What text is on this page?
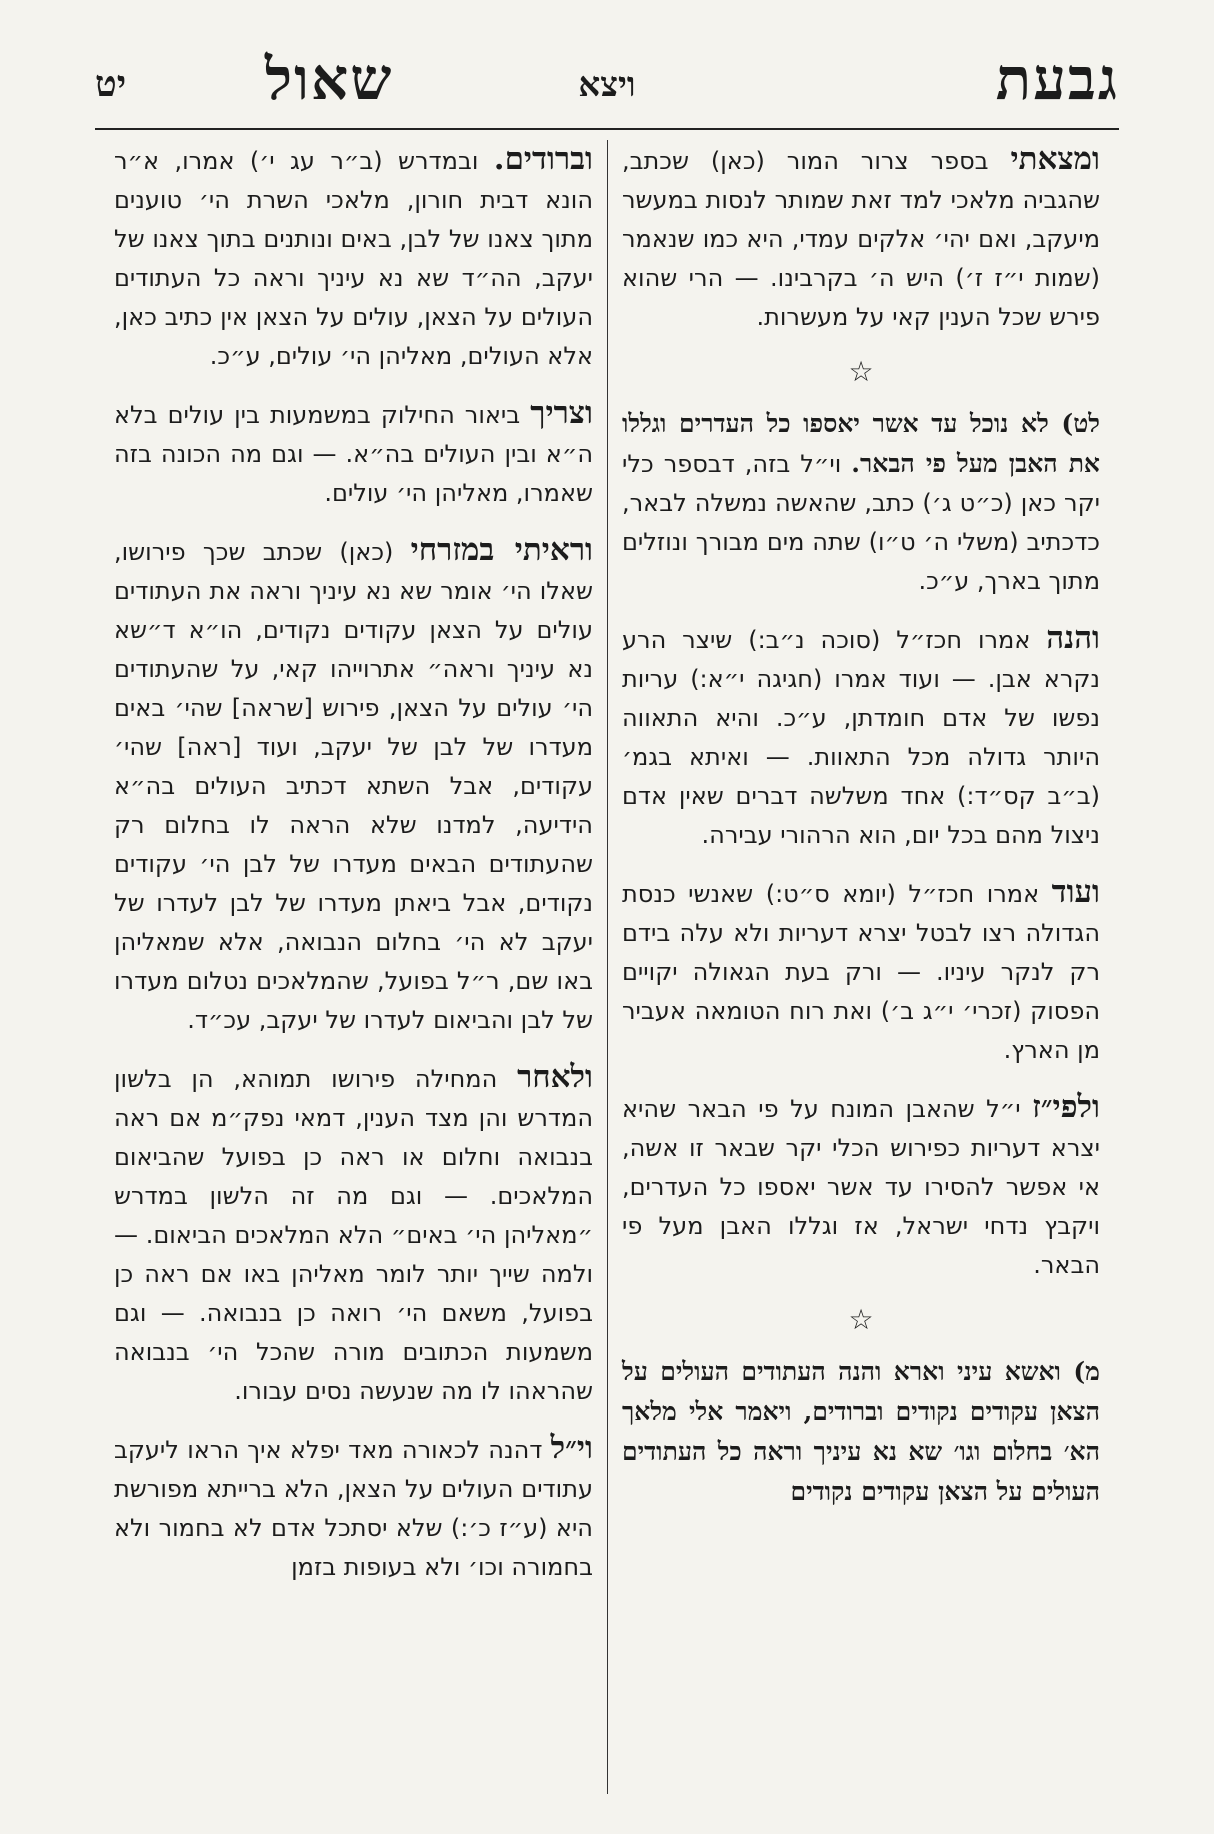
גבעת
ויצא
שאול
יט

ומצאתי בספר צרור המור (כאן) שכתב, שהגביה מלאכי למד זאת שמותר לנסות במעשר מיעקב, ואם יהי׳ אלקים עמדי, היא כמו שנאמר (שמות י״ז ז׳) היש ה׳ בקרבינו. — הרי שהוא פירש שכל הענין קאי על מעשרות.

☆

לט) לא נוכל עד אשר יאספו כל העדרים וגללו את האבן מעל פי הבאר. וי״ל בזה, דבספר כלי יקר כאן (כ״ט ג׳) כתב, שהאשה נמשלה לבאר, כדכתיב (משלי ה׳ ט״ו) שתה מים מבורך ונוזלים מתוך בארך, ע״כ.

והנה אמרו חכז״ל (סוכה נ״ב:) שיצר הרע נקרא אבן. — ועוד אמרו (חגיגה י״א:) עריות נפשו של אדם חומדתן, ע״כ. והיא התאווה היותר גדולה מכל התאוות. — ואיתא בגמ׳ (ב״ב קס״ד:) אחד משלשה דברים שאין אדם ניצול מהם בכל יום, הוא הרהורי עבירה.

ועוד אמרו חכז״ל (יומא ס״ט:) שאנשי כנסת הגדולה רצו לבטל יצרא דעריות ולא עלה בידם רק לנקר עיניו. — ורק בעת הגאולה יקויים הפסוק (זכרי׳ י״ג ב׳) ואת רוח הטומאה אעביר מן הארץ.

ולפי״ז י״ל שהאבן המונח על פי הבאר שהיא יצרא דעריות כפירוש הכלי יקר שבאר זו אשה, אי אפשר להסירו עד אשר יאספו כל העדרים, ויקבץ נדחי ישראל, אז וגללו האבן מעל פי הבאר.

☆

מ) ואשא עיני וארא והנה העתודים העולים על הצאן עקודים נקודים וברודים, ויאמר אלי מלאך הא׳ בחלום וגו׳ שא נא עיניך וראה כל העתודים העולים על הצאן עקודים נקודים

וברודים. ובמדרש (ב״ר עג י׳) אמרו, א״ר הונא דבית חורון, מלאכי השרת הי׳ טוענים מתוך צאנו של לבן, באים ונותנים בתוך צאנו של יעקב, הה״ד שא נא עיניך וראה כל העתודים העולים על הצאן, עולים על הצאן אין כתיב כאן, אלא העולים, מאליהן הי׳ עולים, ע״כ.

וצריך ביאור החילוק במשמעות בין עולים בלא ה״א ובין העולים בה״א. — וגם מה הכונה בזה שאמרו, מאליהן הי׳ עולים.

וראיתי במזרחי (כאן) שכתב שכך פירושו, שאלו הי׳ אומר שא נא עיניך וראה את העתודים עולים על הצאן עקודים נקודים, הו״א ד״שא נא עיניך וראה״ אתרוייהו קאי, על שהעתודים הי׳ עולים על הצאן, פירוש [שראה] שהי׳ באים מעדרו של לבן של יעקב, ועוד [ראה] שהי׳ עקודים, אבל השתא דכתיב העולים בה״א הידיעה, למדנו שלא הראה לו בחלום רק שהעתודים הבאים מעדרו של לבן הי׳ עקודים נקודים, אבל ביאתן מעדרו של לבן לעדרו של יעקב לא הי׳ בחלום הנבואה, אלא שמאליהן באו שם, ר״ל בפועל, שהמלאכים נטלום מעדרו של לבן והביאום לעדרו של יעקב, עכ״ד.

ולאחר המחילה פירושו תמוהא, הן בלשון המדרש והן מצד הענין, דמאי נפק״מ אם ראה בנבואה וחלום או ראה כן בפועל שהביאום המלאכים. — וגם מה זה הלשון במדרש ״מאליהן הי׳ באים״ הלא המלאכים הביאום. — ולמה שייך יותר לומר מאליהן באו אם ראה כן בפועל, משאם הי׳ רואה כן בנבואה. — וגם משמעות הכתובים מורה שהכל הי׳ בנבואה שהראהו לו מה שנעשה נסים עבורו.

וי״ל דהנה לכאורה מאד יפלא איך הראו ליעקב עתודים העולים על הצאן, הלא ברייתא מפורשת היא (ע״ז כ׳:) שלא יסתכל אדם לא בחמור ולא בחמורה וכו׳ ולא בעופות בזמן
